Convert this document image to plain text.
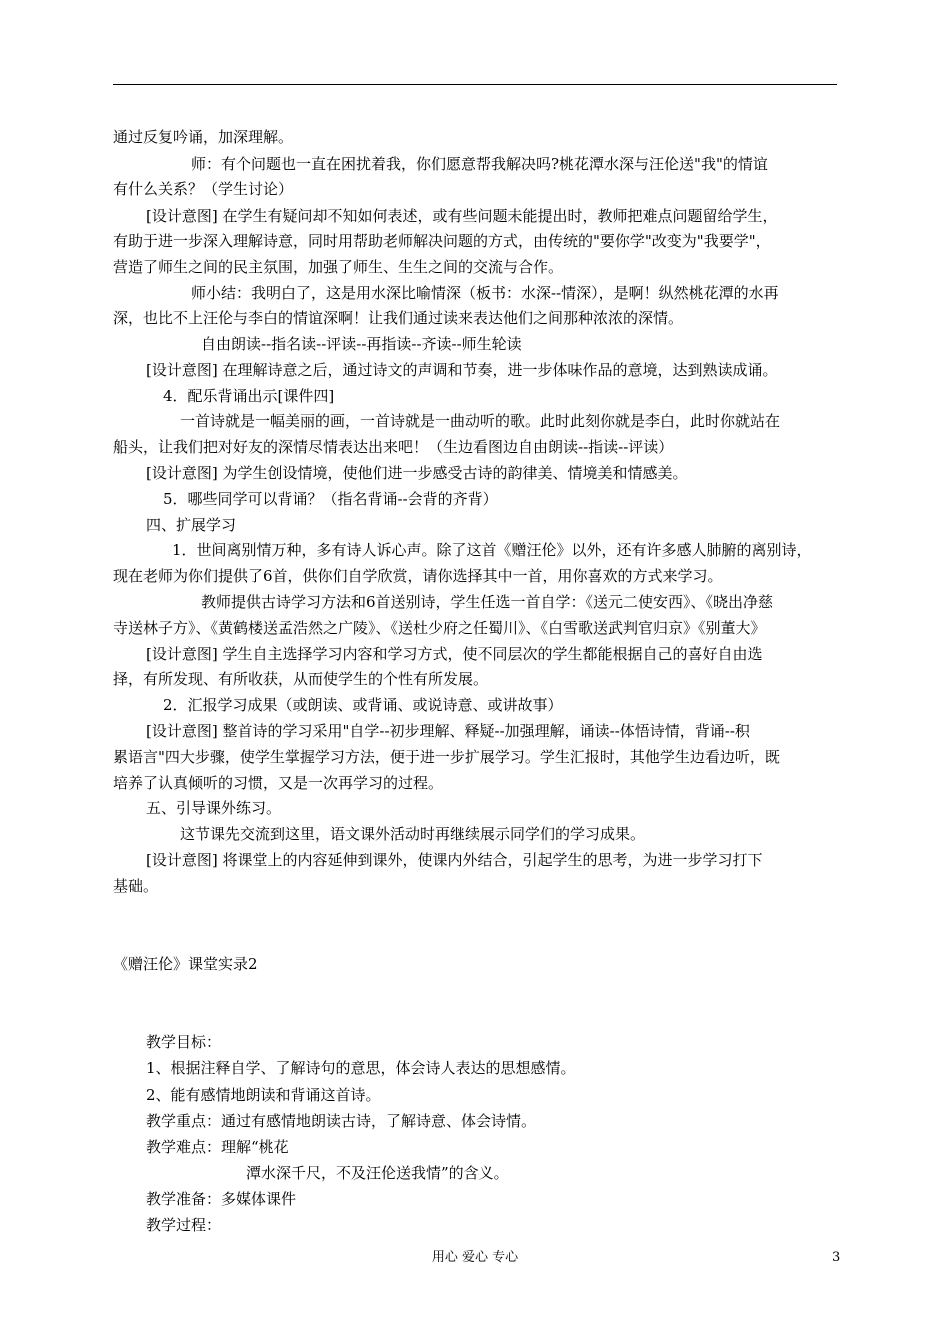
通过反复吟诵，加深理解。
师：有个问题也一直在困扰着我，你们愿意帮我解决吗?桃花潭水深与汪伦送"我"的情谊
有什么关系？（学生讨论）
[设计意图] 在学生有疑问却不知如何表述，或有些问题未能提出时，教师把难点问题留给学生，
有助于进一步深入理解诗意，同时用帮助老师解决问题的方式，由传统的"要你学"改变为"我要学"，
营造了师生之间的民主氛围，加强了师生、生生之间的交流与合作。
师小结：我明白了，这是用水深比喻情深（板书：水深--情深），是啊！纵然桃花潭的水再
深，也比不上汪伦与李白的情谊深啊！让我们通过读来表达他们之间那种浓浓的深情。
自由朗读--指名读--评读--再指读--齐读--师生轮读
[设计意图] 在理解诗意之后，通过诗文的声调和节奏，进一步体味作品的意境，达到熟读成诵。
4．配乐背诵出示[课件四]
一首诗就是一幅美丽的画，一首诗就是一曲动听的歌。此时此刻你就是李白，此时你就站在
船头，让我们把对好友的深情尽情表达出来吧！（生边看图边自由朗读--指读--评读）
[设计意图] 为学生创设情境，使他们进一步感受古诗的韵律美、情境美和情感美。
5．哪些同学可以背诵？（指名背诵--会背的齐背）
四、扩展学习
1．世间离别情万种，多有诗人诉心声。除了这首《赠汪伦》以外，还有许多感人肺腑的离别诗，
现在老师为你们提供了6首，供你们自学欣赏，请你选择其中一首，用你喜欢的方式来学习。
教师提供古诗学习方法和6首送别诗，学生任选一首自学：《送元二使安西》、《晓出净慈
寺送林子方》、《黄鹤楼送孟浩然之广陵》、《送杜少府之任蜀川》、《白雪歌送武判官归京》《别董大》
[设计意图] 学生自主选择学习内容和学习方式，使不同层次的学生都能根据自己的喜好自由选
择，有所发现、有所收获，从而使学生的个性有所发展。
2．汇报学习成果（或朗读、或背诵、或说诗意、或讲故事）
[设计意图] 整首诗的学习采用"自学--初步理解、释疑--加强理解，诵读--体悟诗情，背诵--积
累语言"四大步骤，使学生掌握学习方法，便于进一步扩展学习。学生汇报时，其他学生边看边听，既
培养了认真倾听的习惯，又是一次再学习的过程。
五、引导课外练习。
这节课先交流到这里，语文课外活动时再继续展示同学们的学习成果。
[设计意图] 将课堂上的内容延伸到课外，使课内外结合，引起学生的思考，为进一步学习打下
基础。
《赠汪伦》课堂实录2
教学目标：
1、根据注释自学、了解诗句的意思，体会诗人表达的思想感情。
2、能有感情地朗读和背诵这首诗。
教学重点：通过有感情地朗读古诗，了解诗意、体会诗情。
教学难点：理解“桃花
潭水深千尺，不及汪伦送我情”的含义。
教学准备：多媒体课件
教学过程：
用心 爱心 专心	3
